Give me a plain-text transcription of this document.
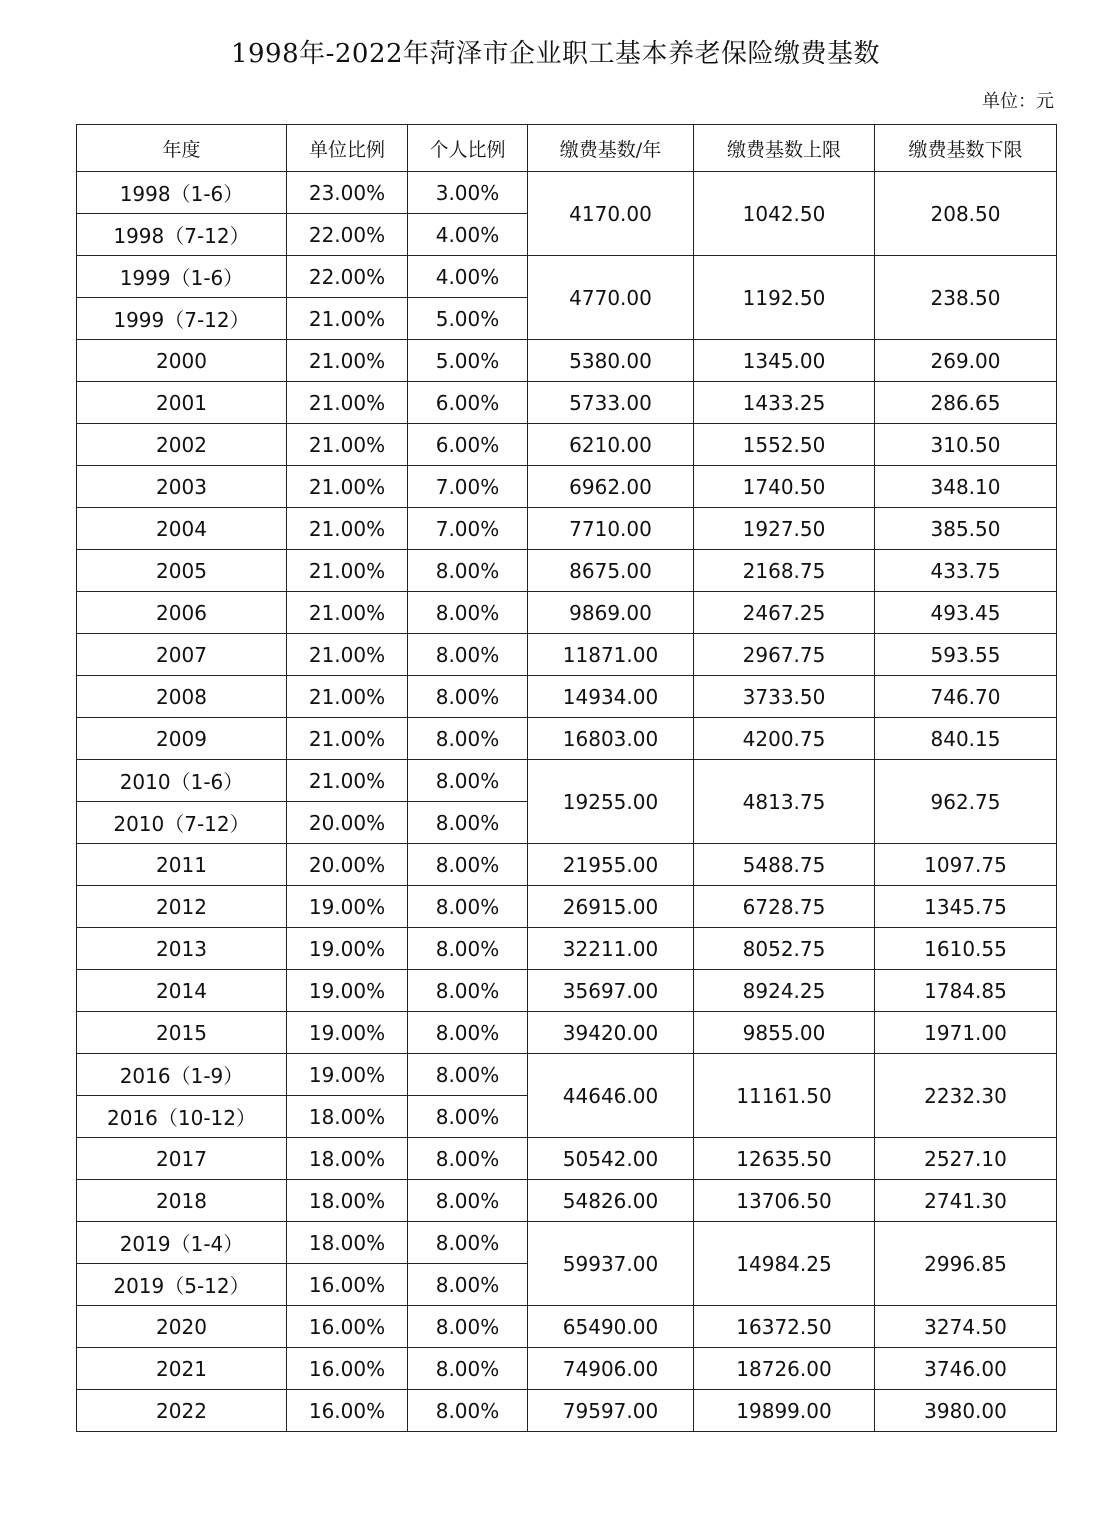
1998年-2022年菏泽市企业职工基本养老保险缴费基数
单位：元
年度	单位比例	个人比例	缴费基数/年	缴费基数上限	缴费基数下限
1998（1-6）	23.00%	3.00%	4170.00	1042.50	208.50
1998（7-12）	22.00%	4.00%			
1999（1-6）	22.00%	4.00%	4770.00	1192.50	238.50
1999（7-12）	21.00%	5.00%			
2000	21.00%	5.00%	5380.00	1345.00	269.00
2001	21.00%	6.00%	5733.00	1433.25	286.65
2002	21.00%	6.00%	6210.00	1552.50	310.50
2003	21.00%	7.00%	6962.00	1740.50	348.10
2004	21.00%	7.00%	7710.00	1927.50	385.50
2005	21.00%	8.00%	8675.00	2168.75	433.75
2006	21.00%	8.00%	9869.00	2467.25	493.45
2007	21.00%	8.00%	11871.00	2967.75	593.55
2008	21.00%	8.00%	14934.00	3733.50	746.70
2009	21.00%	8.00%	16803.00	4200.75	840.15
2010（1-6）	21.00%	8.00%	19255.00	4813.75	962.75
2010（7-12）	20.00%	8.00%			
2011	20.00%	8.00%	21955.00	5488.75	1097.75
2012	19.00%	8.00%	26915.00	6728.75	1345.75
2013	19.00%	8.00%	32211.00	8052.75	1610.55
2014	19.00%	8.00%	35697.00	8924.25	1784.85
2015	19.00%	8.00%	39420.00	9855.00	1971.00
2016（1-9）	19.00%	8.00%	44646.00	11161.50	2232.30
2016（10-12）	18.00%	8.00%			
2017	18.00%	8.00%	50542.00	12635.50	2527.10
2018	18.00%	8.00%	54826.00	13706.50	2741.30
2019（1-4）	18.00%	8.00%	59937.00	14984.25	2996.85
2019（5-12）	16.00%	8.00%			
2020	16.00%	8.00%	65490.00	16372.50	3274.50
2021	16.00%	8.00%	74906.00	18726.00	3746.00
2022	16.00%	8.00%	79597.00	19899.00	3980.00
